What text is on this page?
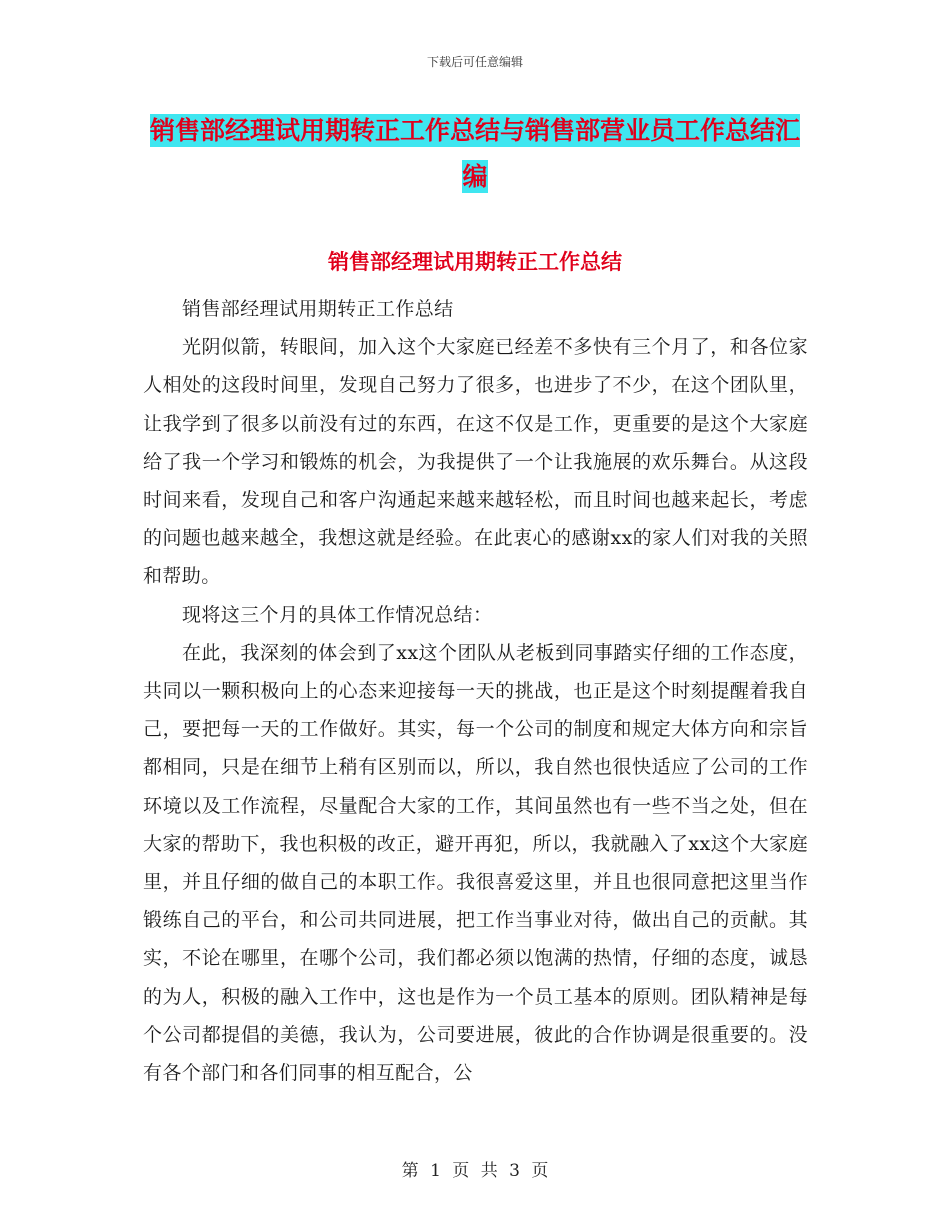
下载后可任意编辑
销售部经理试用期转正工作总结与销售部营业员工作总结汇编
销售部经理试用期转正工作总结

销售部经理试用期转正工作总结

光阴似箭，转眼间，加入这个大家庭已经差不多快有三个月了，和各位家人相处的这段时间里，发现自己努力了很多，也进步了不少，在这个团队里，让我学到了很多以前没有过的东西，在这不仅是工作，更重要的是这个大家庭给了我一个学习和锻炼的机会，为我提供了一个让我施展的欢乐舞台。从这段时间来看，发现自己和客户沟通起来越来越轻松，而且时间也越来起长，考虑的问题也越来越全，我想这就是经验。在此衷心的感谢xx的家人们对我的关照和帮助。

现将这三个月的具体工作情况总结：

在此，我深刻的体会到了xx这个团队从老板到同事踏实仔细的工作态度，共同以一颗积极向上的心态来迎接每一天的挑战，也正是这个时刻提醒着我自己，要把每一天的工作做好。其实，每一个公司的制度和规定大体方向和宗旨都相同，只是在细节上稍有区别而以，所以，我自然也很快适应了公司的工作环境以及工作流程，尽量配合大家的工作，其间虽然也有一些不当之处，但在大家的帮助下，我也积极的改正，避开再犯，所以，我就融入了xx这个大家庭里，并且仔细的做自己的本职工作。我很喜爱这里，并且也很同意把这里当作锻练自己的平台，和公司共同进展，把工作当事业对待，做出自己的贡献。其实，不论在哪里，在哪个公司，我们都必须以饱满的热情，仔细的态度，诚恳的为人，积极的融入工作中，这也是作为一个员工基本的原则。团队精神是每个公司都提倡的美德，我认为，公司要进展，彼此的合作协调是很重要的。没有各个部门和各们同事的相互配合，公

第 1 页 共 3 页
